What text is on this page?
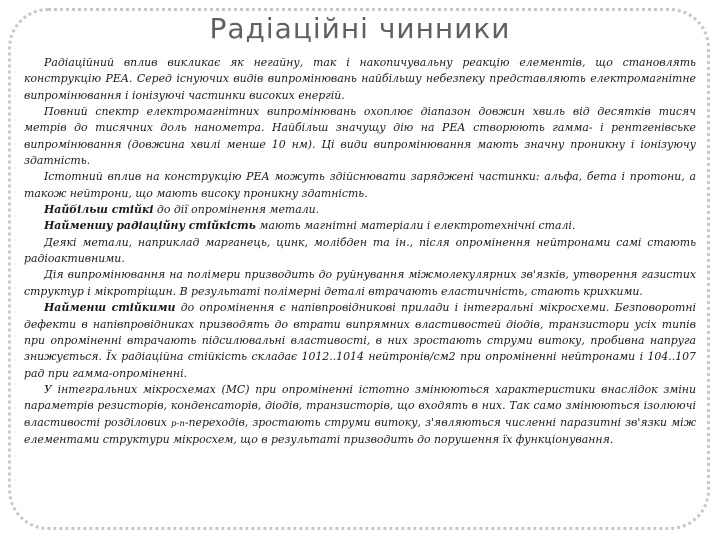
Радіаційні чинники

Радіаційний вплив викликає як негайну, так і накопичувальну реакцію елементів, що становлять конструкцію РЕА. Серед існуючих видів випромінювань найбільшу небезпеку представляють електромагнітне випромінювання і іонізуючі частинки високих енергій.

Повний спектр електромагнітних випромінювань охоплює діапазон довжин хвиль від десятків тисяч метрів до тисячних доль нанометра. Найбільш значущу дію на РЕА створюють гамма- і рентгенівське випромінювання (довжина хвилі менше 10 нм). Ці види випромінювання мають значну проникну і іонізуючу здатність.

Істотний вплив на конструкцію РЕА можуть здійснювати заряджені частинки: альфа, бета і протони, а також нейтрони, що мають високу проникну здатність.

Найбільш стійкі до дії опромінення метали.

Найменшу радіаційну стійкість мають магнітні матеріали і електротехнічні сталі.

Деякі метали, наприклад марганець, цинк, молібден та ін., після опромінення нейтронами самі стають радіоактивними.

Дія випромінювання на полімери призводить до руйнування міжмолекулярних зв'язків, утворення газистих структур і мікротріщин. В результаті полімерні деталі втрачають еластичність, стають крихкими.

Найменш стійкими до опромінення є напівпровідникові прилади і інтегральні мікросхеми. Безповоротні дефекти в напівпровідниках призводять до втрати випрямних властивостей діодів, транзистори усіх типів при опроміненні втрачають підсилювальні властивості, в них зростають струми витоку, пробивна напруга знижується. Їх радіаційна стійкість складає 1012..1014 нейтронів/см2 при опроміненні нейтронами і 104..107 рад при гамма-опроміненні.

У інтегральних мікросхемах (МС) при опроміненні істотно змінюються характеристики внаслідок зміни параметрів резисторів, конденсаторів, діодів, транзисторів, що входять в них. Так само змінюються ізолюючі властивості розділових p-n-переходів, зростають струми витоку, з'являються численні паразитні зв'язки між елементами структури мікросхем, що в результаті призводить до порушення їх функціонування.
